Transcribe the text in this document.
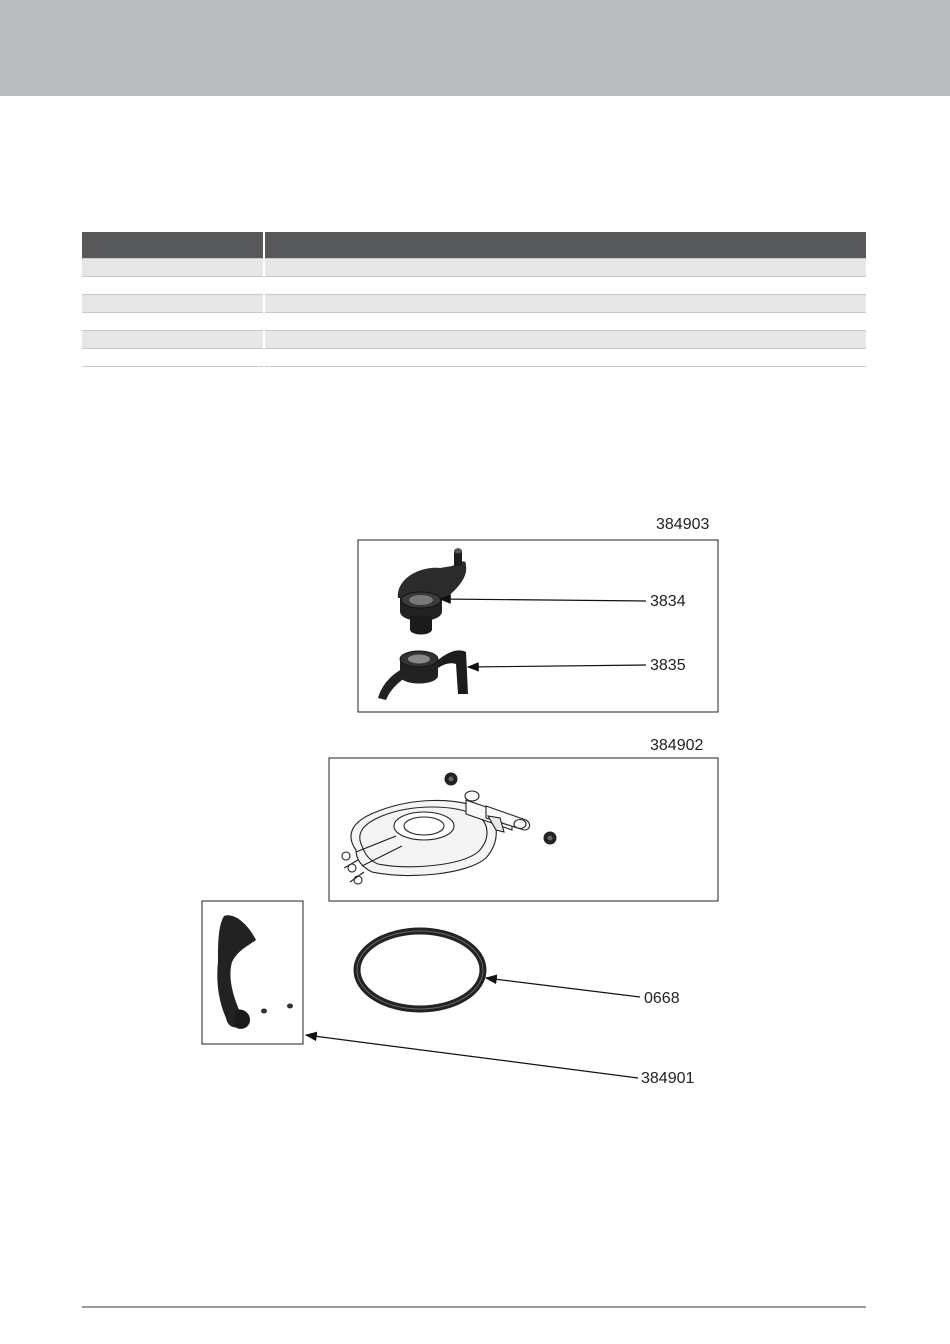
384903
3834
3835
384902
0668
384901
